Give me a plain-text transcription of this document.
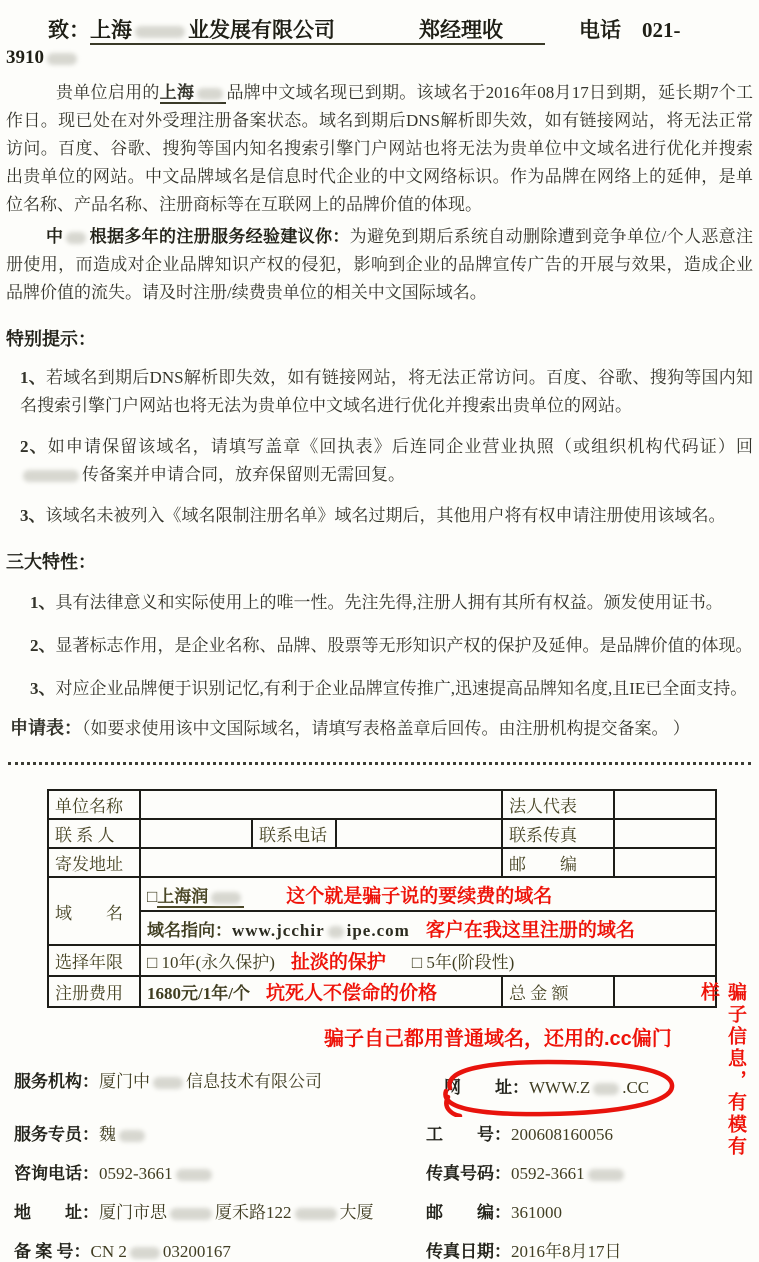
致：上海	业发展有限公司　　　　	郑经理收　　	电话　 021-
3910

贵单位启用的上海 品牌中文域名现已到期。该域名于2016年08月17日到期，延长期7个工作日。现已处在对外受理注册备案状态。域名到期后DNS解析即失效，如有链接网站，将无法正常访问。百度、谷歌、搜狗等国内知名搜索引擎门户网站也将无法为贵单位中文域名进行优化并搜索出贵单位的网站。中文品牌域名是信息时代企业的中文网络标识。作为品牌在网络上的延伸，是单位名称、产品名称、注册商标等在互联网上的品牌价值的体现。

中 根据多年的注册服务经验建议你：为避免到期后系统自动删除遭到竞争单位/个人恶意注册使用，而造成对企业品牌知识产权的侵犯，影响到企业的品牌宣传广告的开展与效果，造成企业品牌价值的流失。请及时注册/续费贵单位的相关中文国际域名。

特别提示：

1、若域名到期后DNS解析即失效，如有链接网站，将无法正常访问。百度、谷歌、搜狗等国内知名搜索引擎门户网站也将无法为贵单位中文域名进行优化并搜索出贵单位的网站。

2、如申请保留该域名，请填写盖章《回执表》后连同企业营业执照（或组织机构代码证）回传备案并申请合同，放弃保留则无需回复。

3、该域名未被列入《域名限制注册名单》域名过期后，其他用户将有权申请注册使用该域名。

三大特性：

1、具有法律意义和实际使用上的唯一性。先注先得,注册人拥有其所有权益。颁发使用证书。

2、显著标志作用，是企业名称、品牌、股票等无形知识产权的保护及延伸。是品牌价值的体现。

3、对应企业品牌便于识别记忆,有利于企业品牌宣传推广,迅速提高品牌知名度,且IE已全面支持。

申请表：（如要求使用该中文国际域名，请填写表格盖章后回传。由注册机构提交备案。 ）

单位名称				法人代表	
联 系 人		联系电话		联系传真	
寄发地址				邮　　编	
域　　名	□上海润 这个就是骗子说的要续费的域名				
	域名指向：www.jcchir ipe.com 客户在我这里注册的域名				
选择年限	□ 10年(永久保护) 扯淡的保护 □ 5年(阶段性)				
注册费用	1680元/1年/个 坑死人不偿命的价格			总 金 额	
骗子自己都用普通域名，还用的.cc偏门
服务机构：厦门中 信息技术有限公司	网　　址：WWW.Z .CC
服务专员：魏	工　　号：200608160056
咨询电话：0592-3661	传真号码：0592-3661
地　　址：厦门市思	厦禾路122	大厦	邮　　编：361000
备 案 号：CN 2 03200167	传真日期：2016年8月17日
骗子信息，有模有样
